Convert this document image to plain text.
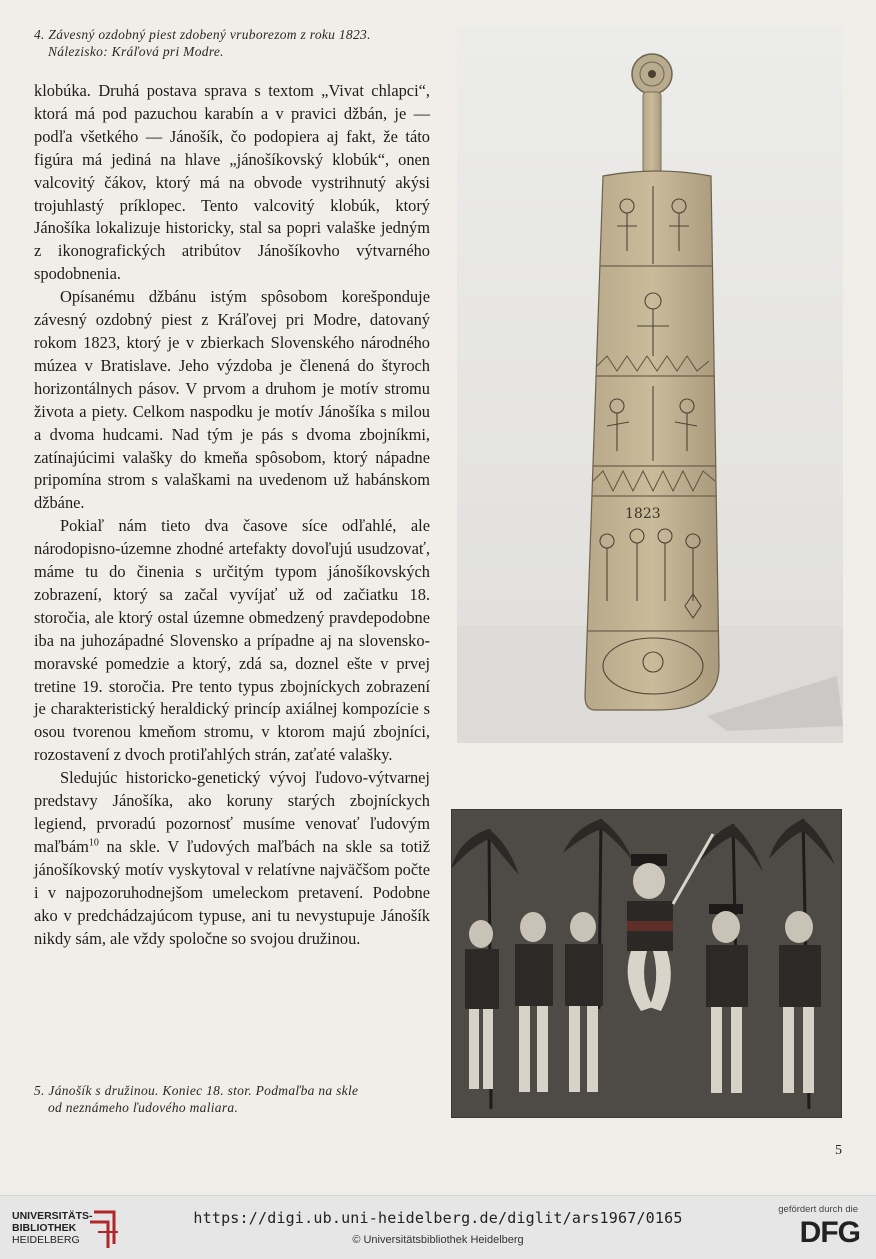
4. Závesný ozdobný piest zdobený vruborezom z roku 1823.
Nálezisko: Kráľová pri Modre.

klobúka. Druhá postava sprava s textom „Vivat chlapci“, ktorá má pod pazuchou karabín a v pravici džbán, je — podľa všetkého — Jánošík, čo podopiera aj fakt, že táto figúra má jediná na hlave „jánošíkovský klobúk“, onen valcovitý čákov, ktorý má na obvode vystrihnutý akýsi trojuhlastý príklopec. Tento valcovitý klobúk, ktorý Jánošíka lokalizuje historicky, stal sa popri valaške jedným z ikonografických atribútov Jánošíkovho výtvarného spodobnenia.

Opísanému džbánu istým spôsobom korešponduje závesný ozdobný piest z Kráľovej pri Modre, datovaný rokom 1823, ktorý je v zbierkach Slovenského národného múzea v Bratislave. Jeho výzdoba je členená do štyroch horizontálnych pásov. V prvom a druhom je motív stromu života a piety. Celkom naspodku je motív Jánošíka s milou a dvoma hudcami. Nad tým je pás s dvoma zbojníkmi, zatínajúcimi valašky do kmeňa spôsobom, ktorý nápadne pripomína strom s valaškami na uvedenom už habánskom džbáne.

Pokiaľ nám tieto dva časove síce odľahlé, ale národopisno-územne zhodné artefakty dovoľujú usudzovať, máme tu do činenia s určitým typom jánošíkovských zobrazení, ktorý sa začal vyvíjať už od začiatku 18. storočia, ale ktorý ostal územne obmedzený pravdepodobne iba na juhozápadné Slovensko a prípadne aj na slovensko-moravské pomedzie a ktorý, zdá sa, doznel ešte v prvej tretine 19. storočia. Pre tento typus zbojníckych zobrazení je charakteristický heraldický princíp axiálnej kompozície s osou tvorenou kmeňom stromu, v ktorom majú zbojníci, rozostavení z dvoch protiľahlých strán, zaťaté valašky.

Sledujúc historicko-genetický vývoj ľudovo-výtvarnej predstavy Jánošíka, ako koruny starých zbojníckych legiend, prvoradú pozornosť musíme venovať ľudovým maľbám$^{10}$ na skle. V ľudových maľbách na skle sa totiž jánošíkovský motív vyskytoval v relatívne najväčšom počte i v najpozoruhodnejšom umeleckom pretavení. Podobne ako v predchádzajúcom typuse, ani tu nevystupuje Jánošík nikdy sám, ale vždy spoločne so svojou družinou.

1823
5. Jánošík s družinou. Koniec 18. stor. Podmaľba na skle
od neznámeho ľudového maliara.
5
UNIVERSITÄTS-
BIBLIOTHEK
HEIDELBERG
https://digi.ub.uni-heidelberg.de/diglit/ars1967/0165
© Universitätsbibliothek Heidelberg
gefördert durch die
DFG
